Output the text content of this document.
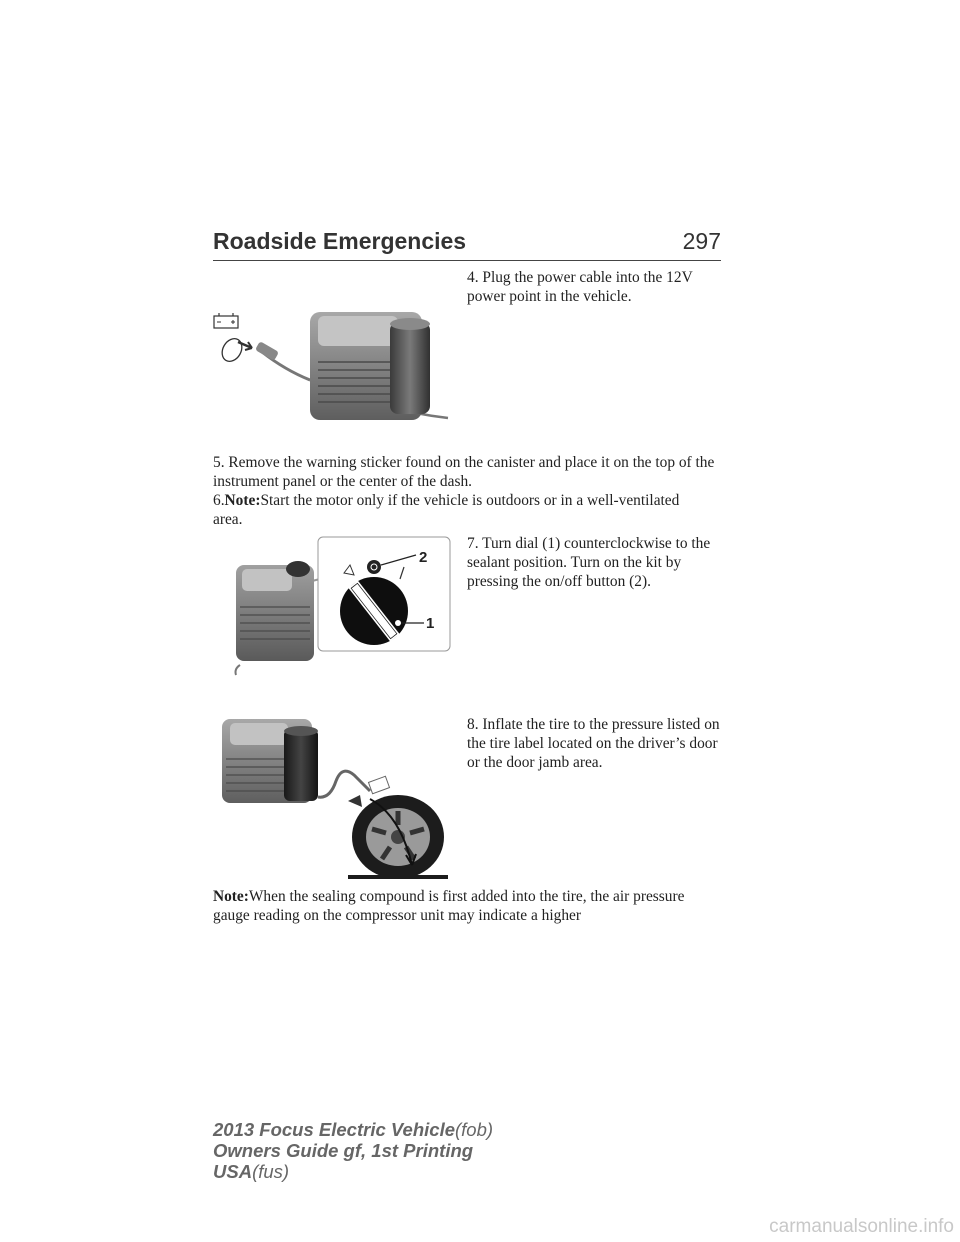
Roadside Emergencies	297
4. Plug the power cable into the 12V power point in the vehicle.
5. Remove the warning sticker found on the canister and place it on the top of the instrument panel or the center of the dash.
6.Note:Start the motor only if the vehicle is outdoors or in a well-ventilated area.
7. Turn dial (1) counterclockwise to the sealant position. Turn on the kit by pressing the on/off button (2).
2
1
8. Inflate the tire to the pressure listed on the tire label located on the driver’s door or the door jamb area.
Note:When the sealing compound is first added into the tire, the air pressure gauge reading on the compressor unit may indicate a higher
2013 Focus Electric Vehicle(fob)
Owners Guide gf, 1st Printing
USA(fus)
carmanualsonline.info
